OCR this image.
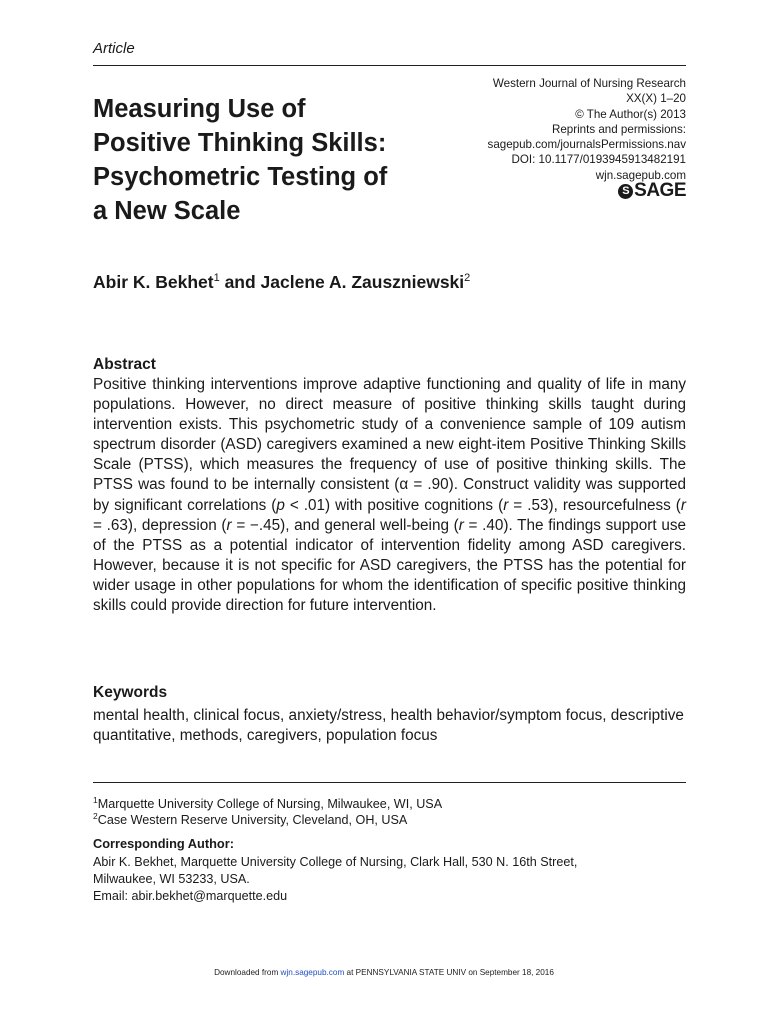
Article
Measuring Use of
Positive Thinking Skills:
Psychometric Testing of
a New Scale
Western Journal of Nursing Research
XX(X) 1–20
© The Author(s) 2013
Reprints and permissions:
sagepub.com/journalsPermissions.nav
DOI: 10.1177/0193945913482191
wjn.sagepub.com
S SAGE
Abir K. Bekhet$^1$ and Jaclene A. Zauszniewski$^2$
Abstract
Positive thinking interventions improve adaptive functioning and quality of life in many populations. However, no direct measure of positive thinking skills taught during intervention exists. This psychometric study of a convenience sample of 109 autism spectrum disorder (ASD) caregivers examined a new eight-item Positive Thinking Skills Scale (PTSS), which measures the frequency of use of positive thinking skills. The PTSS was found to be internally consistent (α = .90). Construct validity was supported by significant correlations (p < .01) with positive cognitions (r = .53), resourcefulness (r = .63), depression (r = −.45), and general well-being (r = .40). The findings support use of the PTSS as a potential indicator of intervention fidelity among ASD caregivers. However, because it is not specific for ASD caregivers, the PTSS has the potential for wider usage in other populations for whom the identification of specific positive thinking skills could provide direction for future intervention.
Keywords
mental health, clinical focus, anxiety/stress, health behavior/symptom focus, descriptive quantitative, methods, caregivers, population focus
$^1$Marquette University College of Nursing, Milwaukee, WI, USA
$^2$Case Western Reserve University, Cleveland, OH, USA
Corresponding Author:
Abir K. Bekhet, Marquette University College of Nursing, Clark Hall, 530 N. 16th Street,
Milwaukee, WI 53233, USA.
Email: abir.bekhet@marquette.edu
Downloaded from wjn.sagepub.com at PENNSYLVANIA STATE UNIV on September 18, 2016
